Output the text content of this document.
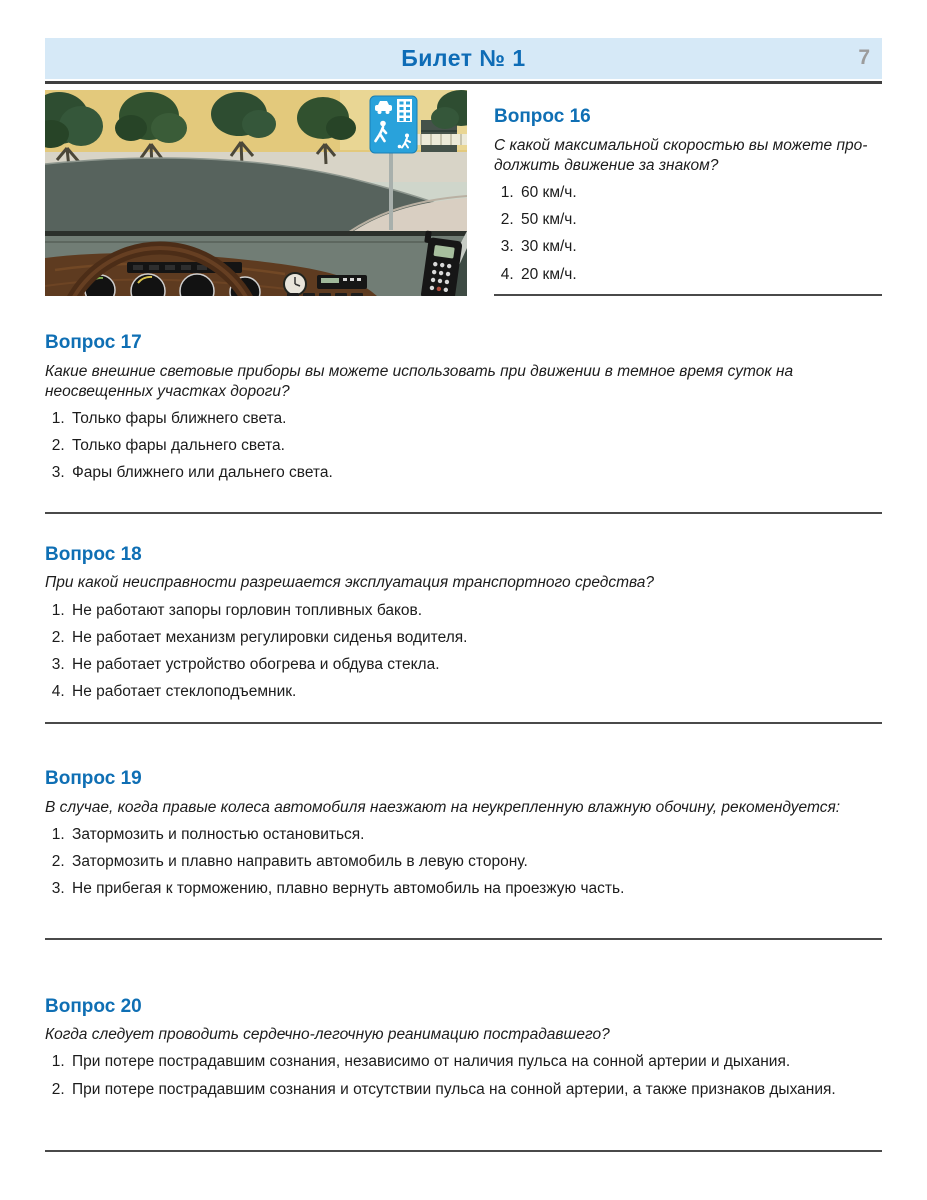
Билет № 1	7
Вопрос 16

С какой максимальной скоростью вы можете продолжить движение за знаком?

1. 60 км/ч.
2. 50 км/ч.
3. 30 км/ч.
4. 20 км/ч.
Вопрос 17

Какие внешние световые приборы вы можете использовать при движении в темное время суток на неосвещенных участках дороги?

1. Только фары ближнего света.
2. Только фары дальнего света.
3. Фары ближнего или дальнего света.
Вопрос 18

При какой неисправности разрешается эксплуатация транспортного средства?

1. Не работают запоры горловин топливных баков.
2. Не работает механизм регулировки сиденья водителя.
3. Не работает устройство обогрева и обдува стекла.
4. Не работает стеклоподъемник.
Вопрос 19

В случае, когда правые колеса автомобиля наезжают на неукрепленную влажную обочину, рекомендуется:

1. Затормозить и полностью остановиться.
2. Затормозить и плавно направить автомобиль в левую сторону.
3. Не прибегая к торможению, плавно вернуть автомобиль на проезжую часть.
Вопрос 20

Когда следует проводить сердечно-легочную реанимацию пострадавшего?

1. При потере пострадавшим сознания, независимо от наличия пульса на сонной артерии и дыхания.
2. При потере пострадавшим сознания и отсутствии пульса на сонной артерии, а также признаков дыхания.
